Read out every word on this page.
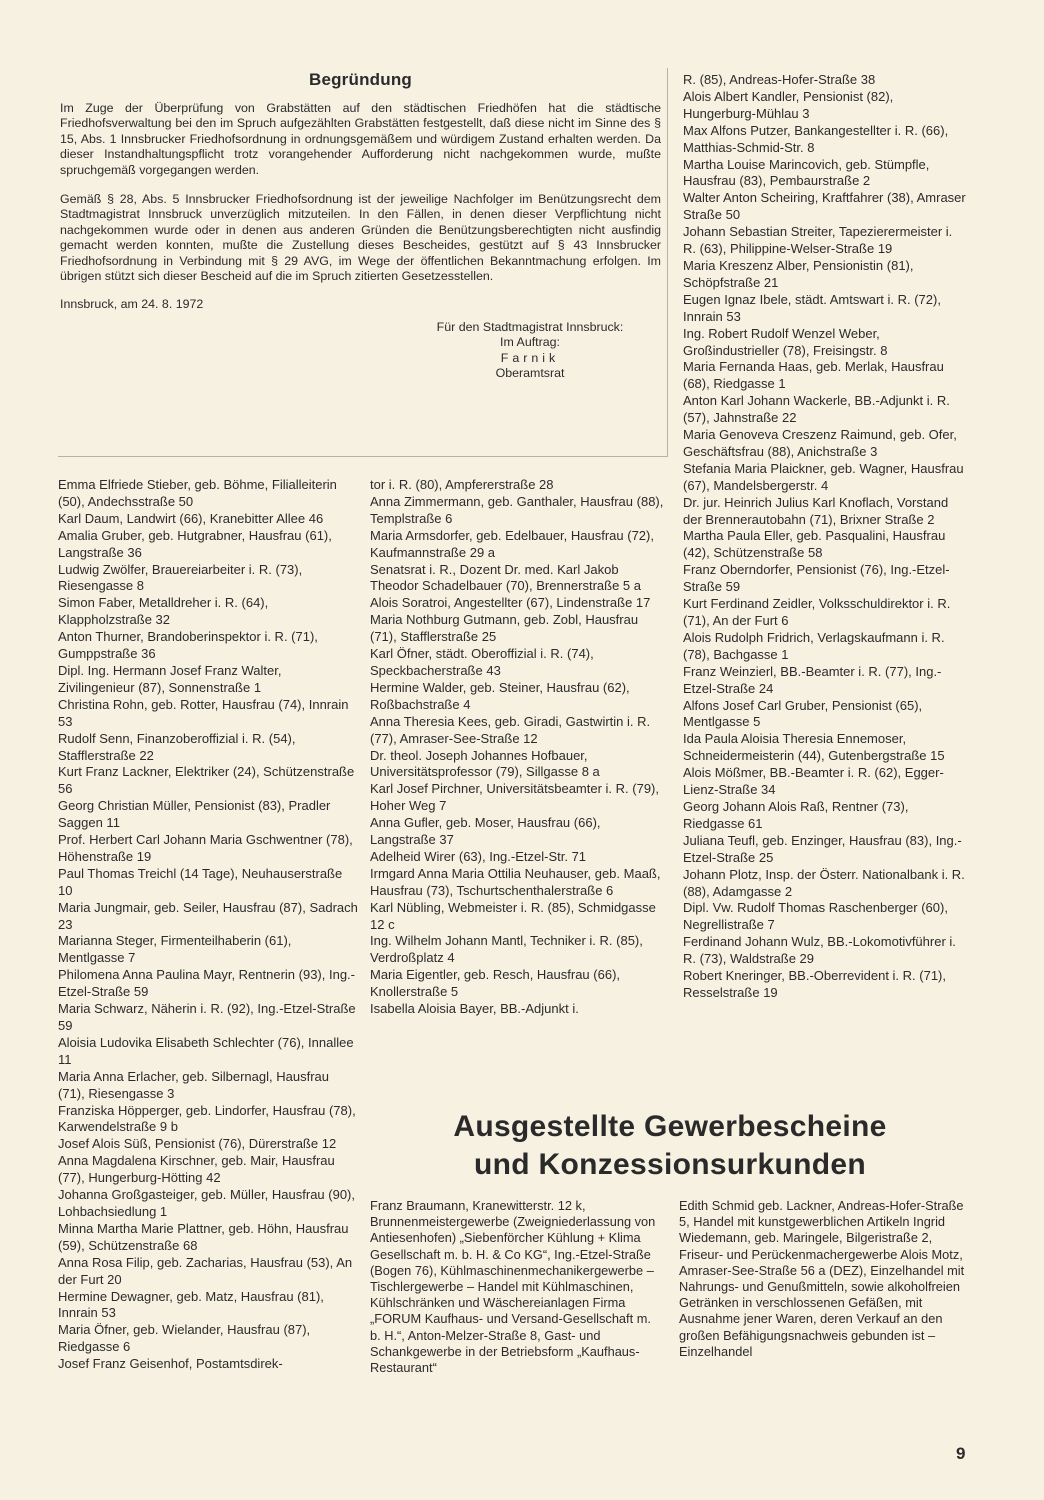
Begründung

Im Zuge der Überprüfung von Grabstätten auf den städtischen Friedhöfen hat die städtische Friedhofsverwaltung bei den im Spruch aufgezählten Grabstätten festgestellt, daß diese nicht im Sinne des § 15, Abs. 1 Innsbrucker Friedhofsordnung in ordnungsgemäßem und würdigem Zustand erhalten werden. Da dieser Instandhaltungspflicht trotz vorangehender Aufforderung nicht nachgekommen wurde, mußte spruchgemäß vorgegangen werden.

Gemäß § 28, Abs. 5 Innsbrucker Friedhofsordnung ist der jeweilige Nachfolger im Benützungsrecht dem Stadtmagistrat Innsbruck unverzüglich mitzuteilen. In den Fällen, in denen dieser Verpflichtung nicht nachgekommen wurde oder in denen aus anderen Gründen die Benützungsberechtigten nicht ausfindig gemacht werden konnten, mußte die Zustellung dieses Bescheides, gestützt auf § 43 Innsbrucker Friedhofsordnung in Verbindung mit § 29 AVG, im Wege der öffentlichen Bekanntmachung erfolgen. Im übrigen stützt sich dieser Bescheid auf die im Spruch zitierten Gesetzesstellen.

Innsbruck, am 24. 8. 1972
Für den Stadtmagistrat Innsbruck:
Im Auftrag:
Farnik
Oberamtsrat

Emma Elfriede Stieber, geb. Böhme, Filialleiterin (50), Andechsstraße 50

Karl Daum, Landwirt (66), Kranebitter Allee 46

Amalia Gruber, geb. Hutgrabner, Hausfrau (61), Langstraße 36

Ludwig Zwölfer, Brauereiarbeiter i. R. (73), Riesengasse 8

Simon Faber, Metalldreher i. R. (64), Klappholzstraße 32

Anton Thurner, Brandoberinspektor i. R. (71), Gumppstraße 36

Dipl. Ing. Hermann Josef Franz Walter, Zivilingenieur (87), Sonnenstraße 1

Christina Rohn, geb. Rotter, Hausfrau (74), Innrain 53

Rudolf Senn, Finanzoberoffizial i. R. (54), Stafflerstraße 22

Kurt Franz Lackner, Elektriker (24), Schützenstraße 56

Georg Christian Müller, Pensionist (83), Pradler Saggen 11

Prof. Herbert Carl Johann Maria Gschwentner (78), Höhenstraße 19

Paul Thomas Treichl (14 Tage), Neuhauserstraße 10

Maria Jungmair, geb. Seiler, Hausfrau (87), Sadrach 23

Marianna Steger, Firmenteilhaberin (61), Mentlgasse 7

Philomena Anna Paulina Mayr, Rentnerin (93), Ing.-Etzel-Straße 59

Maria Schwarz, Näherin i. R. (92), Ing.-Etzel-Straße 59

Aloisia Ludovika Elisabeth Schlechter (76), Innallee 11

Maria Anna Erlacher, geb. Silbernagl, Hausfrau (71), Riesengasse 3

Franziska Höpperger, geb. Lindorfer, Hausfrau (78), Karwendelstraße 9 b

Josef Alois Süß, Pensionist (76), Dürerstraße 12

Anna Magdalena Kirschner, geb. Mair, Hausfrau (77), Hungerburg-Hötting 42

Johanna Großgasteiger, geb. Müller, Hausfrau (90), Lohbachsiedlung 1

Minna Martha Marie Plattner, geb. Höhn, Hausfrau (59), Schützenstraße 68

Anna Rosa Filip, geb. Zacharias, Hausfrau (53), An der Furt 20

Hermine Dewagner, geb. Matz, Hausfrau (81), Innrain 53

Maria Öfner, geb. Wielander, Hausfrau (87), Riedgasse 6

Josef Franz Geisenhof, Postamtsdirek-

tor i. R. (80), Ampfererstraße 28

Anna Zimmermann, geb. Ganthaler, Hausfrau (88), Templstraße 6

Maria Armsdorfer, geb. Edelbauer, Hausfrau (72), Kaufmannstraße 29 a

Senatsrat i. R., Dozent Dr. med. Karl Jakob Theodor Schadelbauer (70), Brennerstraße 5 a

Alois Soratroi, Angestellter (67), Lindenstraße 17

Maria Nothburg Gutmann, geb. Zobl, Hausfrau (71), Stafflerstraße 25

Karl Öfner, städt. Oberoffizial i. R. (74), Speckbacherstraße 43

Hermine Walder, geb. Steiner, Hausfrau (62), Roßbachstraße 4

Anna Theresia Kees, geb. Giradi, Gastwirtin i. R. (77), Amraser-See-Straße 12

Dr. theol. Joseph Johannes Hofbauer, Universitätsprofessor (79), Sillgasse 8 a

Karl Josef Pirchner, Universitätsbeamter i. R. (79), Hoher Weg 7

Anna Gufler, geb. Moser, Hausfrau (66), Langstraße 37

Adelheid Wirer (63), Ing.-Etzel-Str. 71

Irmgard Anna Maria Ottilia Neuhauser, geb. Maaß, Hausfrau (73), Tschurtschenthalerstraße 6

Karl Nübling, Webmeister i. R. (85), Schmidgasse 12 c

Ing. Wilhelm Johann Mantl, Techniker i. R. (85), Verdroßplatz 4

Maria Eigentler, geb. Resch, Hausfrau (66), Knollerstraße 5

Isabella Aloisia Bayer, BB.-Adjunkt i.

R. (85), Andreas-Hofer-Straße 38

Alois Albert Kandler, Pensionist (82), Hungerburg-Mühlau 3

Max Alfons Putzer, Bankangestellter i. R. (66), Matthias-Schmid-Str. 8

Martha Louise Marincovich, geb. Stümpfle, Hausfrau (83), Pembaurstraße 2

Walter Anton Scheiring, Kraftfahrer (38), Amraser Straße 50

Johann Sebastian Streiter, Tapezierermeister i. R. (63), Philippine-Welser-Straße 19

Maria Kreszenz Alber, Pensionistin (81), Schöpfstraße 21

Eugen Ignaz Ibele, städt. Amtswart i. R. (72), Innrain 53

Ing. Robert Rudolf Wenzel Weber, Großindustrieller (78), Freisingstr. 8

Maria Fernanda Haas, geb. Merlak, Hausfrau (68), Riedgasse 1

Anton Karl Johann Wackerle, BB.-Adjunkt i. R. (57), Jahnstraße 22

Maria Genoveva Creszenz Raimund, geb. Ofer, Geschäftsfrau (88), Anichstraße 3

Stefania Maria Plaickner, geb. Wagner, Hausfrau (67), Mandelsbergerstr. 4

Dr. jur. Heinrich Julius Karl Knoflach, Vorstand der Brennerautobahn (71), Brixner Straße 2

Martha Paula Eller, geb. Pasqualini, Hausfrau (42), Schützenstraße 58

Franz Oberndorfer, Pensionist (76), Ing.-Etzel-Straße 59

Kurt Ferdinand Zeidler, Volksschuldirektor i. R. (71), An der Furt 6

Alois Rudolph Fridrich, Verlagskaufmann i. R. (78), Bachgasse 1

Franz Weinzierl, BB.-Beamter i. R. (77), Ing.-Etzel-Straße 24

Alfons Josef Carl Gruber, Pensionist (65), Mentlgasse 5

Ida Paula Aloisia Theresia Ennemoser, Schneidermeisterin (44), Gutenbergstraße 15

Alois Mößmer, BB.-Beamter i. R. (62), Egger-Lienz-Straße 34

Georg Johann Alois Raß, Rentner (73), Riedgasse 61

Juliana Teufl, geb. Enzinger, Hausfrau (83), Ing.-Etzel-Straße 25

Johann Plotz, Insp. der Österr. Nationalbank i. R. (88), Adamgasse 2

Dipl. Vw. Rudolf Thomas Raschenberger (60), Negrellistraße 7

Ferdinand Johann Wulz, BB.-Lokomotivführer i. R. (73), Waldstraße 29

Robert Kneringer, BB.-Oberrevident i. R. (71), Resselstraße 19

Ausgestellte Gewerbescheine
und Konzessionsurkunden

Franz Braumann, Kranewitterstr. 12 k, Brunnenmeistergewerbe (Zweigniederlassung von Antiesenhofen) „Siebenförcher Kühlung + Klima Gesellschaft m. b. H. & Co KG“, Ing.-Etzel-Straße (Bogen 76), Kühlmaschinenmechanikergewerbe – Tischlergewerbe – Handel mit Kühlmaschinen, Kühlschränken und Wäschereianlagen Firma „FORUM Kaufhaus- und Versand-Gesellschaft m. b. H.“, Anton-Melzer-Straße 8, Gast- und Schankgewerbe in der Betriebsform „Kaufhaus-Restaurant“

Edith Schmid geb. Lackner, Andreas-Hofer-Straße 5, Handel mit kunstgewerblichen Artikeln Ingrid Wiedemann, geb. Maringele, Bilgeristraße 2, Friseur- und Perückenmachergewerbe Alois Motz, Amraser-See-Straße 56 a (DEZ), Einzelhandel mit Nahrungs- und Genußmitteln, sowie alkoholfreien Getränken in verschlossenen Gefäßen, mit Ausnahme jener Waren, deren Verkauf an den großen Befähigungsnachweis gebunden ist – Einzelhandel

9
